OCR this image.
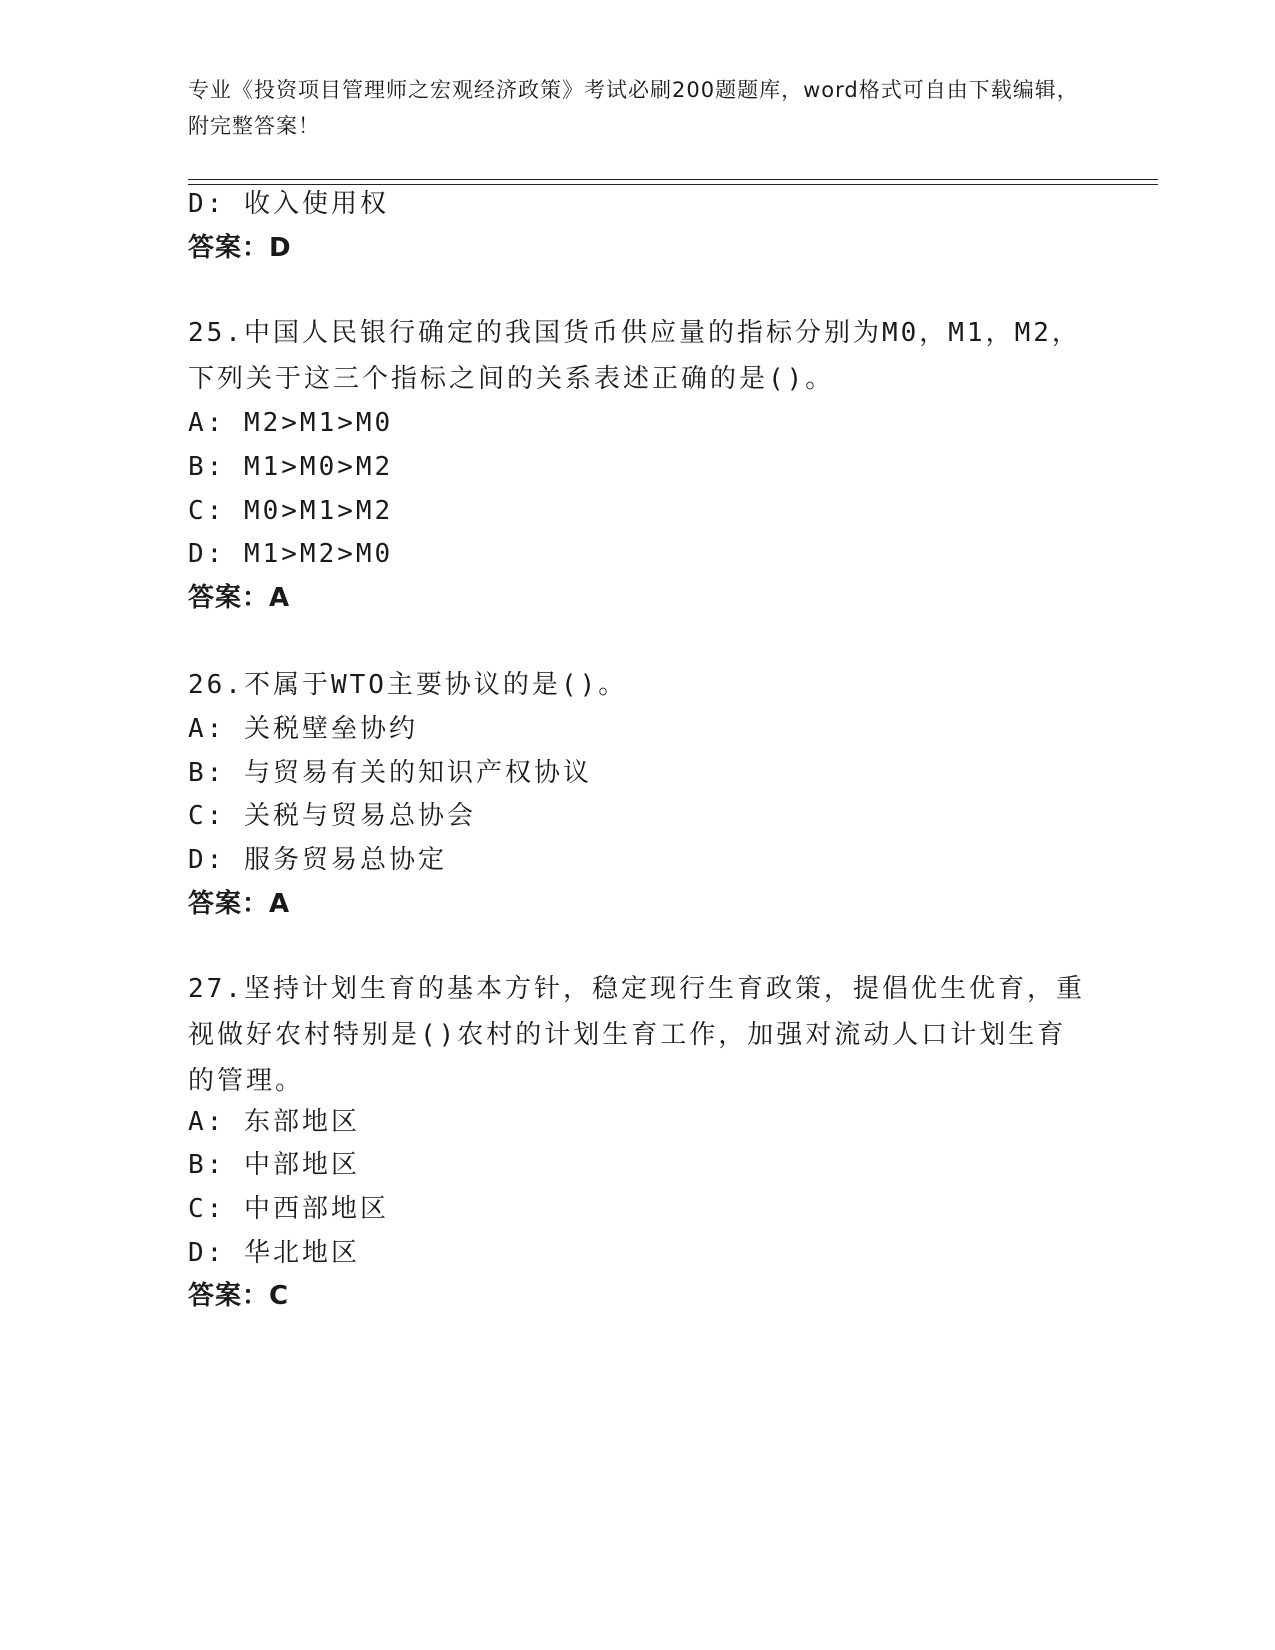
专业《投资项目管理师之宏观经济政策》考试必刷200题题库，word格式可自由下载编辑，附完整答案！
D: 收入使用权
答案：D
25.中国人民银行确定的我国货币供应量的指标分别为M0，M1，M2，下列关于这三个指标之间的关系表述正确的是()。
A: M2>M1>M0
B: M1>M0>M2
C: M0>M1>M2
D: M1>M2>M0
答案：A
26.不属于WTO主要协议的是()。
A: 关税壁垒协约
B: 与贸易有关的知识产权协议
C: 关税与贸易总协会
D: 服务贸易总协定
答案：A
27.坚持计划生育的基本方针，稳定现行生育政策，提倡优生优育，重视做好农村特别是()农村的计划生育工作，加强对流动人口计划生育的管理。
A: 东部地区
B: 中部地区
C: 中西部地区
D: 华北地区
答案：C
